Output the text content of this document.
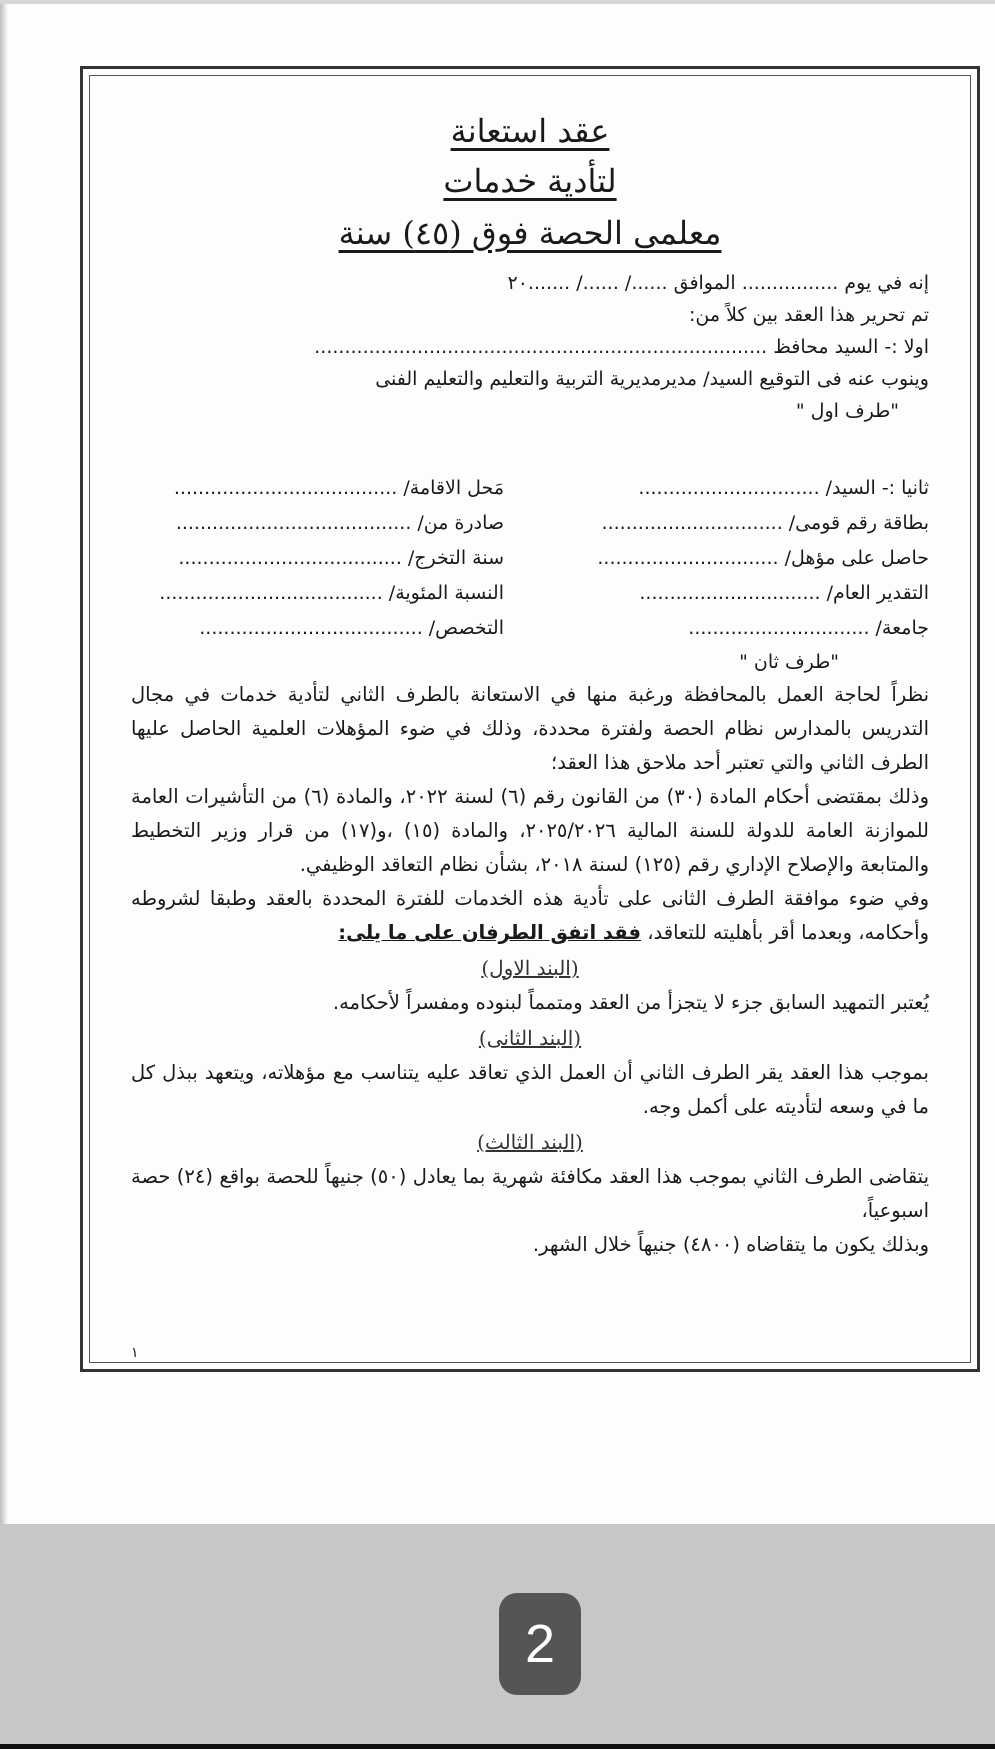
عقد استعانة
لتأدية خدمات
معلمى الحصة فوق (٤٥) سنة
إنه في يوم ................ الموافق ....../ ....../ .......٢٠
تم تحرير هذا العقد بين كلاً من:
اولا :- السيد محافظ ...........................................................................
وينوب عنه فى التوقيع السيد/ مديرمديرية التربية والتعليم والتعليم الفنى
"طرف اول "
ثانيا :- السيد/ ..............................
مَحل الاقامة/ .....................................
بطاقة رقم قومى/ ..............................
صادرة من/ .......................................
حاصل على مؤهل/ ..............................
سنة التخرج/ .....................................
التقدير العام/ ..............................
النسبة المئوية/ .....................................
جامعة/ ..............................
التخصص/ .....................................
"طرف ثان "
نظراً لحاجة العمل بالمحافظة ورغبة منها في الاستعانة بالطرف الثاني لتأدية خدمات في مجال التدريس بالمدارس نظام الحصة ولفترة محددة، وذلك في ضوء المؤهلات العلمية الحاصل عليها الطرف الثاني والتي تعتبر أحد ملاحق هذا العقد؛
وذلك بمقتضى أحكام المادة (٣٠) من القانون رقم (٦) لسنة ٢٠٢٢، والمادة (٦) من التأشيرات العامة للموازنة العامة للدولة للسنة المالية ٢٠٢٥/٢٠٢٦، والمادة (١٥) ،و(١٧) من قرار وزير التخطيط والمتابعة والإصلاح الإداري رقم (١٢٥) لسنة ٢٠١٨، بشأن نظام التعاقد الوظيفي.
وفي ضوء موافقة الطرف الثانى على تأدية هذه الخدمات للفترة المحددة بالعقد وطبقا لشروطه وأحكامه، وبعدما أقر بأهليته للتعاقد، فقد اتفق الطرفان على ما يلى:
(البند الاول)
يُعتبر التمهيد السابق جزء لا يتجزأ من العقد ومتمماً لبنوده ومفسراً لأحكامه.
(البند الثانى)
بموجب هذا العقد يقر الطرف الثاني أن العمل الذي تعاقد عليه يتناسب مع مؤهلاته، ويتعهد ببذل كل ما في وسعه لتأديته على أكمل وجه.
(البند الثالث)
يتقاضى الطرف الثاني بموجب هذا العقد مكافئة شهرية بما يعادل (٥٠) جنيهاً للحصة بواقع (٢٤) حصة اسبوعياً،
وبذلك يكون ما يتقاضاه (٤٨٠٠) جنيهاً خلال الشهر.
١
2
